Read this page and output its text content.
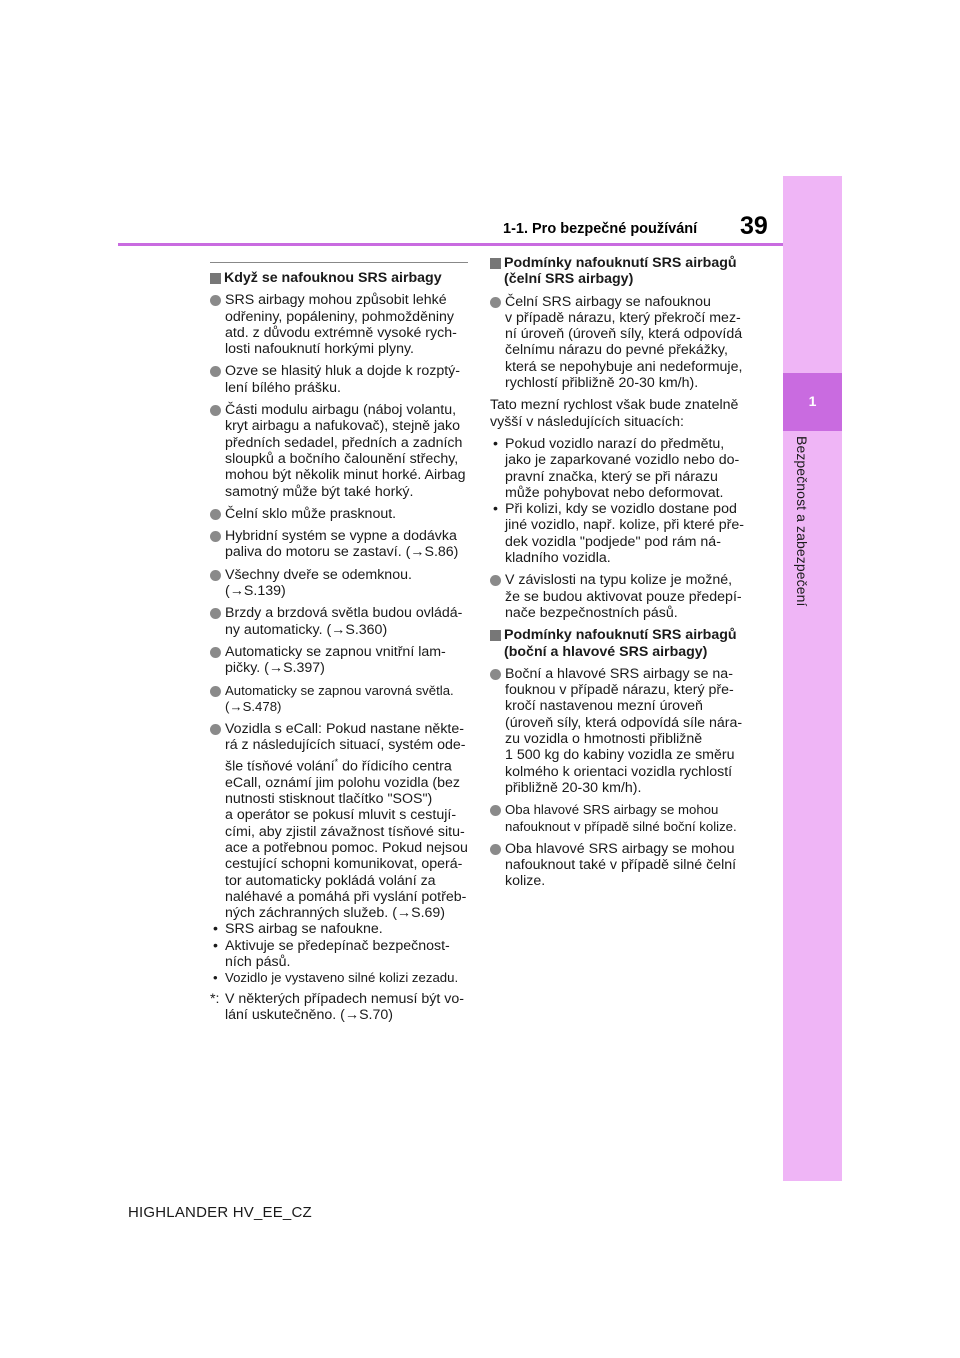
39
1-1. Pro bezpečné používání
1
Bezpečnost a zabezpečení
Když se nafouknou SRS airbagy
SRS airbagy mohou způsobit lehké
odřeniny, popáleniny, pohmožděniny
atd. z důvodu extrémně vysoké rych-
losti nafouknutí horkými plyny.
Ozve se hlasitý hluk a dojde k rozptý-
lení bílého prášku.
Části modulu airbagu (náboj volantu,
kryt airbagu a nafukovač), stejně jako
předních sedadel, předních a zadních
sloupků a bočního čalounění střechy,
mohou být několik minut horké. Airbag
samotný může být také horký.
Čelní sklo může prasknout.
Hybridní systém se vypne a dodávka
paliva do motoru se zastaví. (→S.86)
Všechny dveře se odemknou.
(→S.139)
Brzdy a brzdová světla budou ovládá-
ny automaticky. (→S.360)
Automaticky se zapnou vnitřní lam-
pičky. (→S.397)
Automaticky se zapnou varovná světla.
(→S.478)
Vozidla s eCall: Pokud nastane někte-
rá z následujících situací, systém ode-
šle tísňové volání* do řídicího centra
eCall, oznámí jim polohu vozidla (bez
nutnosti stisknout tlačítko "SOS")
a operátor se pokusí mluvit s cestují-
cími, aby zjistil závažnost tísňové situ-
ace a potřebnou pomoc. Pokud nejsou
cestující schopni komunikovat, operá-
tor automaticky pokládá volání za
naléhavé a pomáhá při vyslání potřeb-
ných záchranných služeb. (→S.69)
• SRS airbag se nafoukne.
• Aktivuje se předepínač bezpečnost-
ních pásů.
• Vozidlo je vystaveno silné kolizi zezadu.
*: V některých případech nemusí být vo-
lání uskutečněno. (→S.70)
Podmínky nafouknutí SRS airbagů
(čelní SRS airbagy)
Čelní SRS airbagy se nafouknou
v případě nárazu, který překročí mez-
ní úroveň (úroveň síly, která odpovídá
čelnímu nárazu do pevné překážky,
která se nepohybuje ani nedeformuje,
rychlostí přibližně 20-30 km/h).
Tato mezní rychlost však bude znatelně
vyšší v následujících situacích:
• Pokud vozidlo narazí do předmětu,
jako je zaparkované vozidlo nebo do-
pravní značka, který se při nárazu
může pohybovat nebo deformovat.
• Při kolizi, kdy se vozidlo dostane pod
jiné vozidlo, např. kolize, při které pře-
dek vozidla "podjede" pod rám ná-
kladního vozidla.
V závislosti na typu kolize je možné,
že se budou aktivovat pouze předepí-
nače bezpečnostních pásů.
Podmínky nafouknutí SRS airbagů
(boční a hlavové SRS airbagy)
Boční a hlavové SRS airbagy se na-
fouknou v případě nárazu, který pře-
kročí nastavenou mezní úroveň
(úroveň síly, která odpovídá síle nára-
zu vozidla o hmotnosti přibližně
1 500 kg do kabiny vozidla ze směru
kolmého k orientaci vozidla rychlostí
přibližně 20-30 km/h).
Oba hlavové SRS airbagy se mohou
nafouknout v případě silné boční kolize.
Oba hlavové SRS airbagy se mohou
nafouknout také v případě silné čelní
kolize.
HIGHLANDER HV_EE_CZ
